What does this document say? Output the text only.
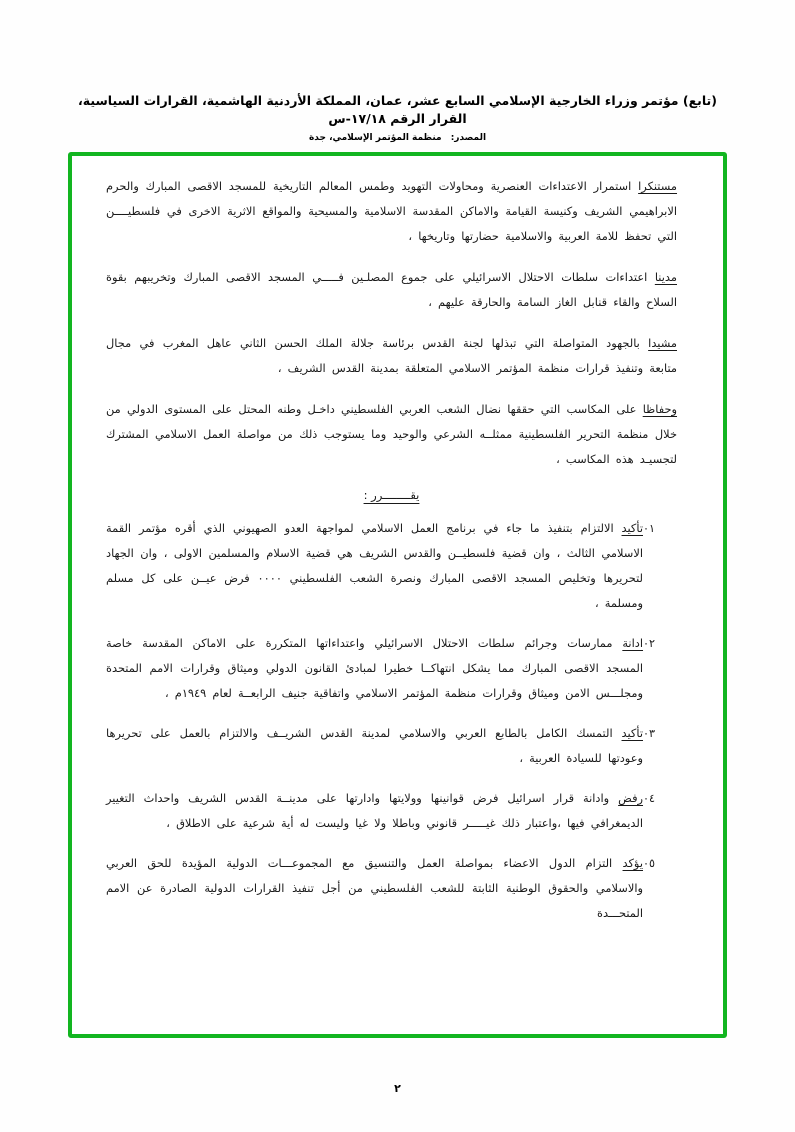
(تابع) مؤتمر وزراء الخارجية الإسلامي السابع عشر، عمان، المملكة الأردنية الهاشمية، القرارات السياسية، القرار الرقم ١٧/١٨-س
المصدر: منظمة المؤتمر الإسلامي، جدة

مستنكرا استمرار الاعتداءات العنصرية ومحاولات التهويد وطمس المعالم التاريخية للمسجد الاقصى المبارك والحرم الابراهيمي الشريف وكنيسة القيامة والاماكن المقدسة الاسلامية والمسيحية والمواقع الاثرية الاخرى في فلسطيــــن التي تحفظ للامة العربية والاسلامية حضارتها وتاريخها ،

مدينا اعتداءات سلطات الاحتلال الاسرائيلي على جموع المصلـين فـــــي المسجد الاقصى المبارك وتخريبهم بقوة السلاح والقاء قنابل الغاز السامة والحارقة عليهم ،

مشيدا بالجهود المتواصلة التي تبذلها لجنة القدس برئاسة جلالة الملك الحسن الثاني عاهل المغرب في مجال متابعة وتنفيذ قرارات منظمة المؤتمر الاسلامي المتعلقة بمدينة القدس الشريف ،

وحفاظا على المكاسب التي حققها نضال الشعب العربي الفلسطيني داخـل وطنه المحتل على المستوى الدولي من خلال منظمة التحرير الفلسطينية ممثلــه الشرعي والوحيد وما يستوجب ذلك من مواصلة العمل الاسلامي المشترك لتجسيـد هذه المكاسب ،

يقــــــــرر :
٠١
تأكيد الالتزام بتنفيذ ما جاء في برنامج العمل الاسلامي لمواجهة العدو الصهيوني الذي أقره مؤتمر القمة الاسلامي الثالث ، وان قضية فلسطيــن والقدس الشريف هي قضية الاسلام والمسلمين الاولى ، وان الجهاد لتحريرها وتخليص المسجد الاقصى المبارك ونصرة الشعب الفلسطيني ٠٠٠٠ فرض عيــن على كل مسلم ومسلمة ،
٠٢
ادانة ممارسات وجرائم سلطات الاحتلال الاسرائيلي واعتداءاتها المتكررة على الاماكن المقدسة خاصة المسجد الاقصى المبارك مما يشكل انتهاكــا خطيرا لمبادئ القانون الدولي وميثاق وقرارات الامم المتحدة ومجلـــس الامن وميثاق وقرارات منظمة المؤتمر الاسلامي واتفاقية جنيف الرابعــة لعام ١٩٤٩م ،
٠٣
تأكيد التمسك الكامل بالطابع العربي والاسلامي لمدينة القدس الشريــف والالتزام بالعمل على تحريرها وعودتها للسيادة العربية ،
٠٤
رفض وادانة قرار اسرائيل فرض قوانينها وولايتها وادارتها على مدينــة القدس الشريف واحداث التغيير الديمغرافي فيها ،واعتبار ذلك غيـــــر قانوني وباطلا ولا غيا وليست له أية شرعية على الاطلاق ،
٠٥
يؤكد التزام الدول الاعضاء بمواصلة العمل والتنسيق مع المجموعـــات الدولية المؤيدة للحق العربي والاسلامي والحقوق الوطنية الثابتة للشعب الفلسطيني من أجل تنفيذ القرارات الدولية الصادرة عن الامم المتحـــدة
٢
